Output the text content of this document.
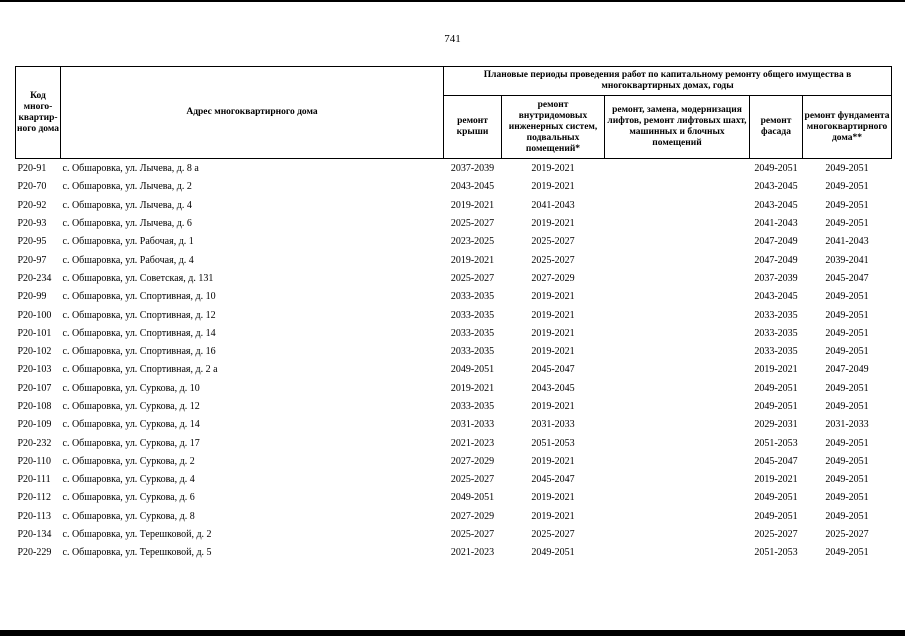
741
Код много-квартир-ного дома	Адрес многоквартирного дома	Плановые периоды проведения работ по капитальному ремонту общего имущества в многоквартирных домах, годы				
		ремонт крыши	ремонт внутридомовых инженерных систем, подвальных помещений*	ремонт, замена, модернизация лифтов, ремонт лифтовых шахт, машинных и блочных помещений	ремонт фасада	ремонт фундамента многоквартирного дома**
Р20-91	с. Обшаровка, ул. Лычева, д. 8 а	2037-2039	2019-2021		2049-2051	2049-2051
Р20-70	с. Обшаровка, ул. Лычева, д. 2	2043-2045	2019-2021		2043-2045	2049-2051
Р20-92	с. Обшаровка, ул. Лычева, д. 4	2019-2021	2041-2043		2043-2045	2049-2051
Р20-93	с. Обшаровка, ул. Лычева, д. 6	2025-2027	2019-2021		2041-2043	2049-2051
Р20-95	с. Обшаровка, ул. Рабочая, д. 1	2023-2025	2025-2027		2047-2049	2041-2043
Р20-97	с. Обшаровка, ул. Рабочая, д. 4	2019-2021	2025-2027		2047-2049	2039-2041
Р20-234	с. Обшаровка, ул. Советская, д. 131	2025-2027	2027-2029		2037-2039	2045-2047
Р20-99	с. Обшаровка, ул. Спортивная, д. 10	2033-2035	2019-2021		2043-2045	2049-2051
Р20-100	с. Обшаровка, ул. Спортивная, д. 12	2033-2035	2019-2021		2033-2035	2049-2051
Р20-101	с. Обшаровка, ул. Спортивная, д. 14	2033-2035	2019-2021		2033-2035	2049-2051
Р20-102	с. Обшаровка, ул. Спортивная, д. 16	2033-2035	2019-2021		2033-2035	2049-2051
Р20-103	с. Обшаровка, ул. Спортивная, д. 2 а	2049-2051	2045-2047		2019-2021	2047-2049
Р20-107	с. Обшаровка, ул. Суркова, д. 10	2019-2021	2043-2045		2049-2051	2049-2051
Р20-108	с. Обшаровка, ул. Суркова, д. 12	2033-2035	2019-2021		2049-2051	2049-2051
Р20-109	с. Обшаровка, ул. Суркова, д. 14	2031-2033	2031-2033		2029-2031	2031-2033
Р20-232	с. Обшаровка, ул. Суркова, д. 17	2021-2023	2051-2053		2051-2053	2049-2051
Р20-110	с. Обшаровка, ул. Суркова, д. 2	2027-2029	2019-2021		2045-2047	2049-2051
Р20-111	с. Обшаровка, ул. Суркова, д. 4	2025-2027	2045-2047		2019-2021	2049-2051
Р20-112	с. Обшаровка, ул. Суркова, д. 6	2049-2051	2019-2021		2049-2051	2049-2051
Р20-113	с. Обшаровка, ул. Суркова, д. 8	2027-2029	2019-2021		2049-2051	2049-2051
Р20-134	с. Обшаровка, ул. Терешковой, д. 2	2025-2027	2025-2027		2025-2027	2025-2027
Р20-229	с. Обшаровка, ул. Терешковой, д. 5	2021-2023	2049-2051		2051-2053	2049-2051
